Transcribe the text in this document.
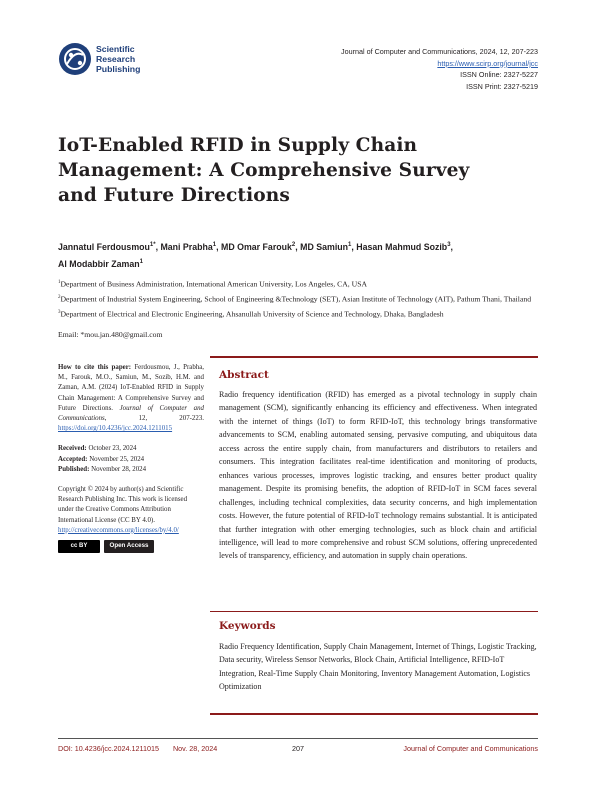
Scientific
Research
Publishing
Journal of Computer and Communications, 2024, 12, 207-223
https://www.scirp.org/journal/jcc
ISSN Online: 2327-5227
ISSN Print: 2327-5219
IoT-Enabled RFID in Supply Chain Management: A Comprehensive Survey and Future Directions
Jannatul Ferdousmou$^{1*}$, Mani Prabha$^1$, MD Omar Farouk$^2$, MD Samiun$^1$, Hasan Mahmud Sozib$^3$,
Al Modabbir Zaman$^1$
$^1$Department of Business Administration, International American University, Los Angeles, CA, USA
$^2$Department of Industrial System Engineering, School of Engineering &Technology (SET), Asian Institute of Technology (AIT), Pathum Thani, Thailand
$^3$Department of Electrical and Electronic Engineering, Ahsanullah University of Science and Technology, Dhaka, Bangladesh
Email: *mou.jan.480@gmail.com
How to cite this paper: Ferdousmou, J., Prabha, M., Farouk, M.O., Samiun, M., Sozib, H.M. and Zaman, A.M. (2024) IoT-Enabled RFID in Supply Chain Management: A Comprehensive Survey and Future Directions. Journal of Computer and Communications, 12, 207-223. https://doi.org/10.4236/jcc.2024.1211015
Received: October 23, 2024
Accepted: November 25, 2024
Published: November 28, 2024
Copyright © 2024 by author(s) and Scientific Research Publishing Inc. This work is licensed under the Creative Commons Attribution International License (CC BY 4.0).
http://creativecommons.org/licenses/by/4.0/
cc BY	Open Access
Abstract
Radio frequency identification (RFID) has emerged as a pivotal technology in supply chain management (SCM), significantly enhancing its efficiency and effectiveness. When integrated with the internet of things (IoT) to form RFID-IoT, this technology brings transformative advancements to SCM, enabling automated sensing, pervasive computing, and ubiquitous data access across the entire supply chain, from manufacturers and distributors to retailers and consumers. This integration facilitates real-time identification and monitoring of products, enhances various processes, improves logistic tracking, and ensures better product quality management. Despite its promising benefits, the adoption of RFID-IoT in SCM faces several challenges, including technical complexities, data security concerns, and high implementation costs. However, the future potential of RFID-IoT technology remains substantial. It is anticipated that further integration with other emerging technologies, such as block chain and artificial intelligence, will lead to more comprehensive and robust SCM solutions, offering unprecedented levels of transparency, efficiency, and automation in supply chain operations.
Keywords
Radio Frequency Identification, Supply Chain Management, Internet of Things, Logistic Tracking, Data security, Wireless Sensor Networks, Block Chain, Artificial Intelligence, RFID-IoT Integration, Real-Time Supply Chain Monitoring, Inventory Management Automation, Logistics Optimization
DOI: 10.4236/jcc.2024.1211015 Nov. 28, 2024	207	Journal of Computer and Communications
